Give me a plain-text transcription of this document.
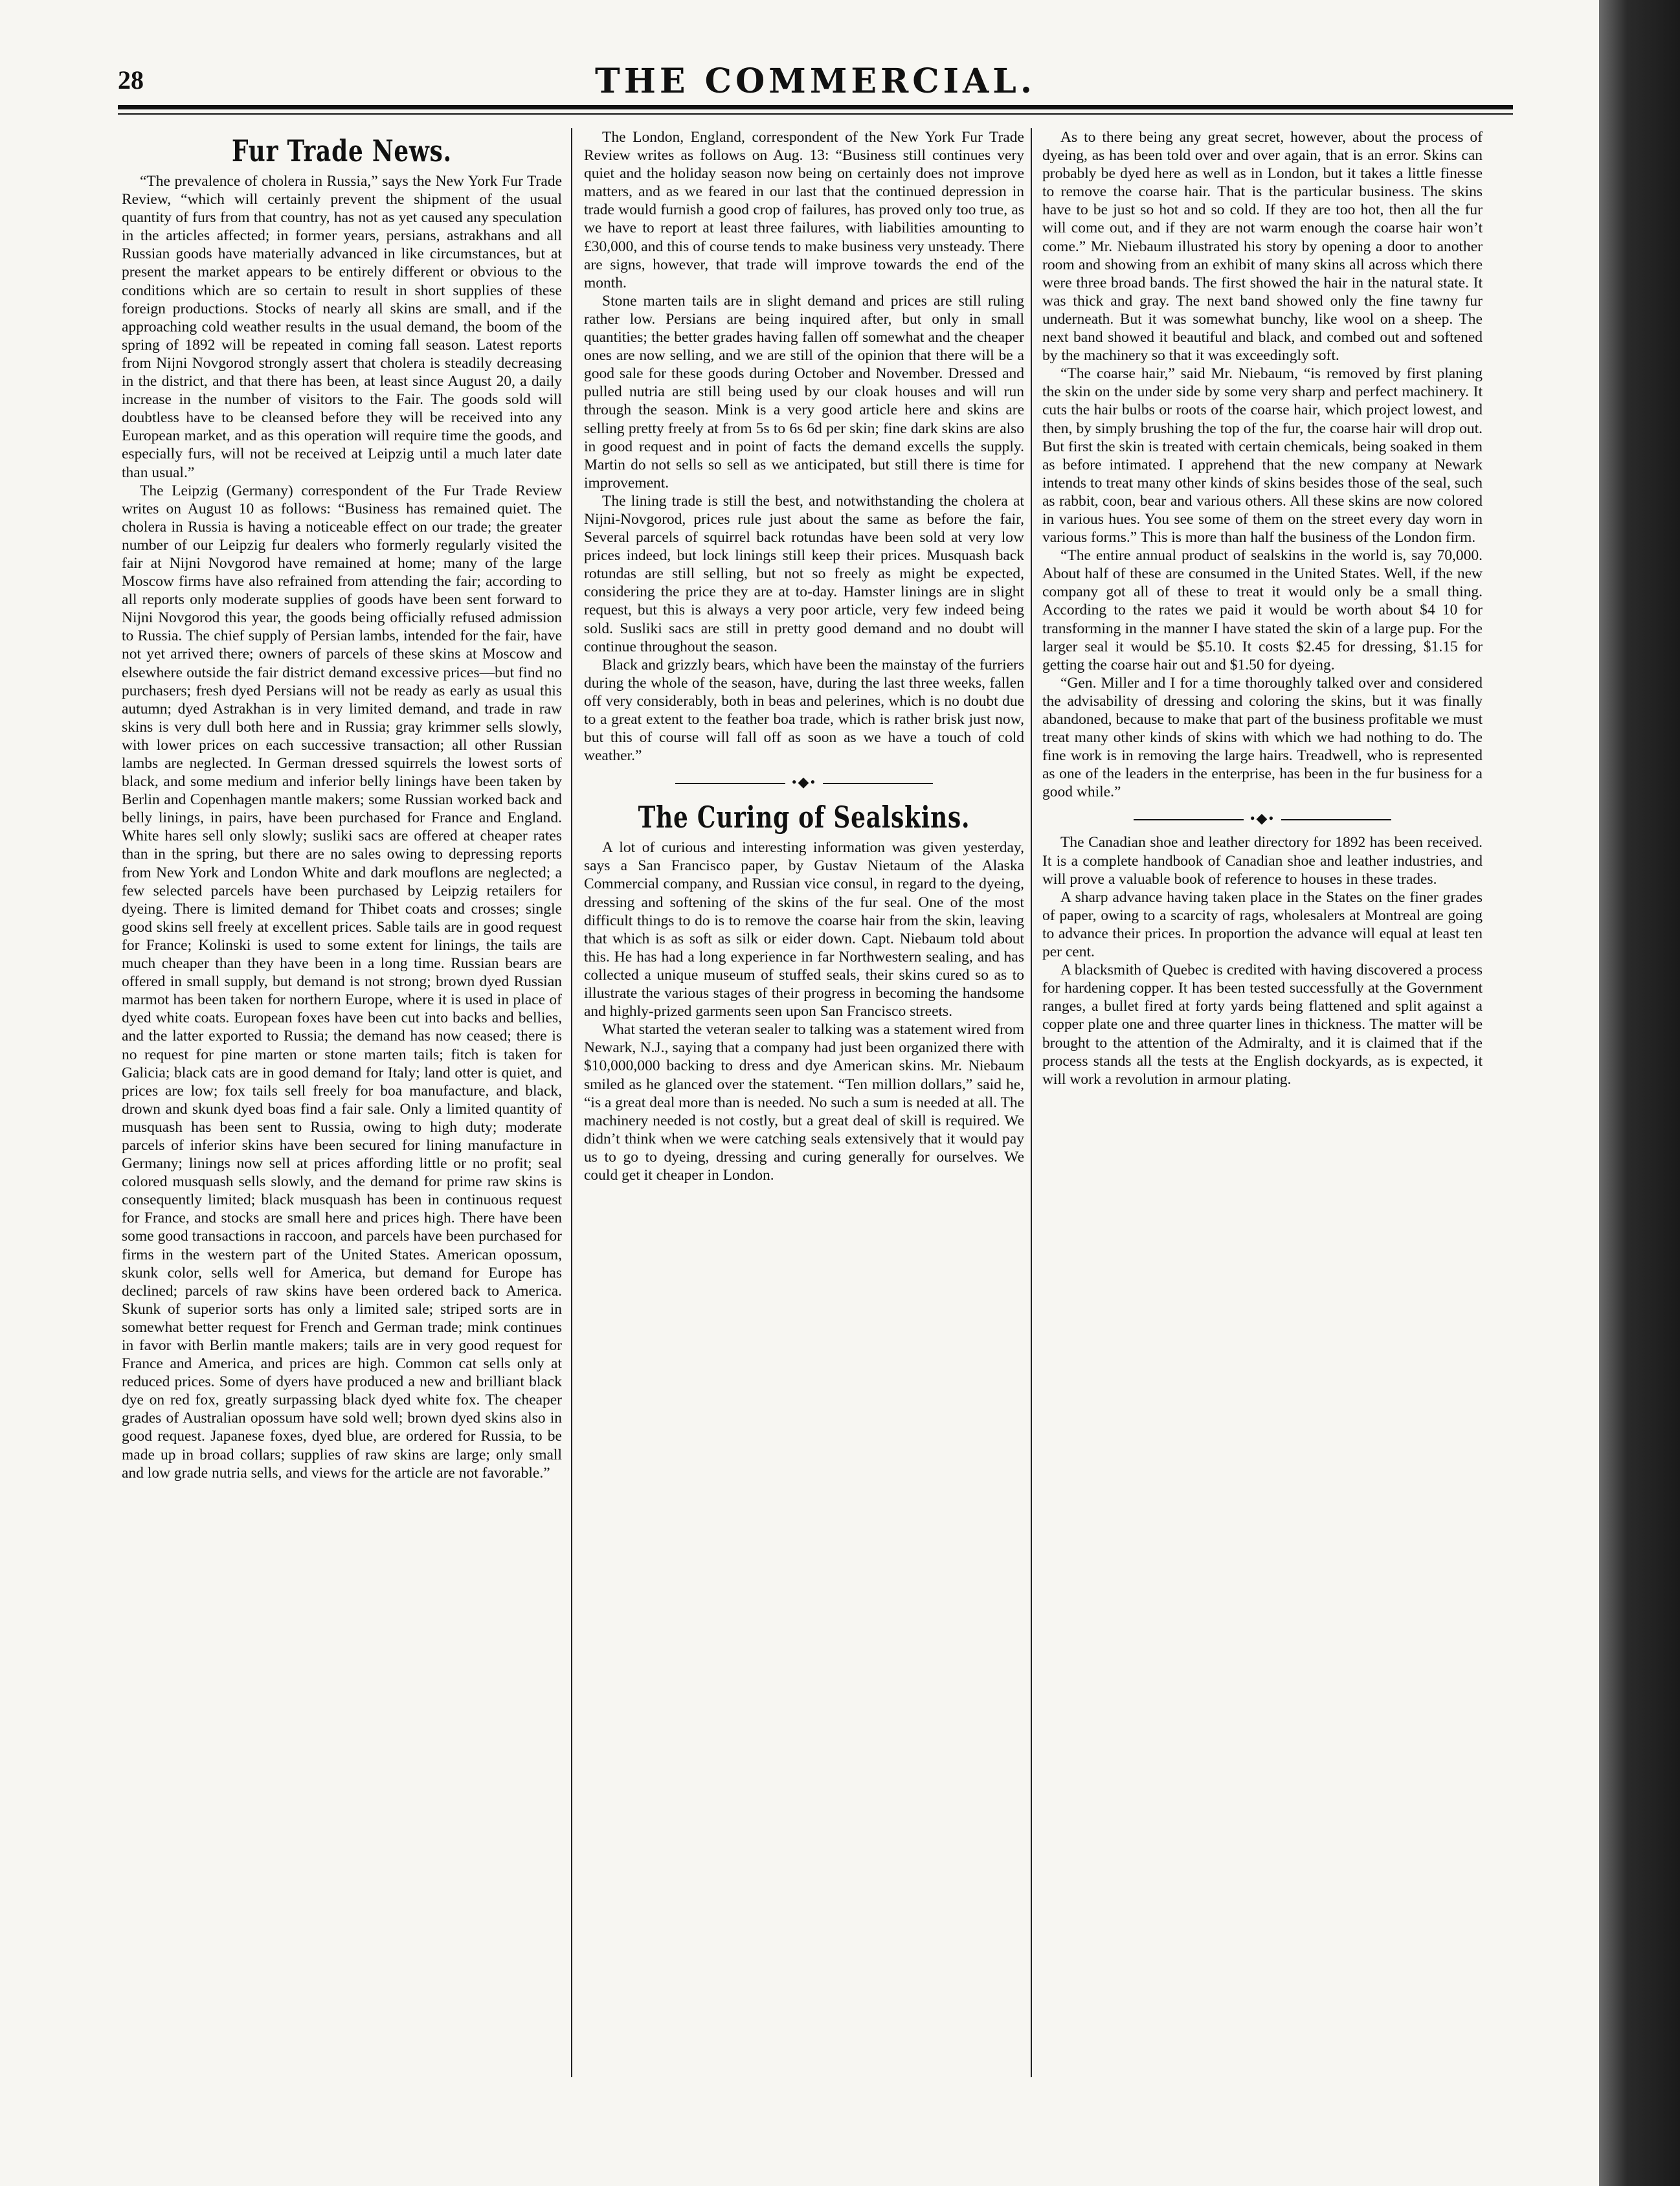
28	THE COMMERCIAL.
Fur Trade News.

“The prevalence of cholera in Russia,” says the New York Fur Trade Review, “which will certainly prevent the shipment of the usual quantity of furs from that country, has not as yet caused any speculation in the articles affected; in former years, persians, astrakhans and all Russian goods have materially advanced in like circumstances, but at present the market appears to be entirely different or obvious to the conditions which are so certain to result in short supplies of these foreign productions. Stocks of nearly all skins are small, and if the approaching cold weather results in the usual demand, the boom of the spring of 1892 will be repeated in coming fall season. Latest reports from Nijni Novgorod strongly assert that cholera is steadily decreasing in the district, and that there has been, at least since August 20, a daily increase in the number of visitors to the Fair. The goods sold will doubtless have to be cleansed before they will be received into any European market, and as this operation will require time the goods, and especially furs, will not be received at Leipzig until a much later date than usual.”

The Leipzig (Germany) correspondent of the Fur Trade Review writes on August 10 as follows: “Business has remained quiet. The cholera in Russia is having a noticeable effect on our trade; the greater number of our Leipzig fur dealers who formerly regularly visited the fair at Nijni Novgorod have remained at home; many of the large Moscow firms have also refrained from attending the fair; according to all reports only moderate supplies of goods have been sent forward to Nijni Novgorod this year, the goods being officially refused admission to Russia. The chief supply of Persian lambs, intended for the fair, have not yet arrived there; owners of parcels of these skins at Moscow and elsewhere outside the fair district demand excessive prices—but find no purchasers; fresh dyed Persians will not be ready as early as usual this autumn; dyed Astrakhan is in very limited demand, and trade in raw skins is very dull both here and in Russia; gray krimmer sells slowly, with lower prices on each successive transaction; all other Russian lambs are neglected. In German dressed squirrels the lowest sorts of black, and some medium and inferior belly linings have been taken by Berlin and Copenhagen mantle makers; some Russian worked back and belly linings, in pairs, have been purchased for France and England. White hares sell only slowly; susliki sacs are offered at cheaper rates than in the spring, but there are no sales owing to depressing reports from New York and London White and dark mouflons are neglected; a few selected parcels have been purchased by Leipzig retailers for dyeing. There is limited demand for Thibet coats and crosses; single good skins sell freely at excellent prices. Sable tails are in good request for France; Kolinski is used to some extent for linings, the tails are much cheaper than they have been in a long time. Russian bears are offered in small supply, but demand is not strong; brown dyed Russian marmot has been taken for northern Europe, where it is used in place of dyed white coats. European foxes have been cut into backs and bellies, and the latter exported to Russia; the demand has now ceased; there is no request for pine marten or stone marten tails; fitch is taken for Galicia; black cats are in good demand for Italy; land otter is quiet, and prices are low; fox tails sell freely for boa manufacture, and black, drown and skunk dyed boas find a fair sale. Only a limited quantity of musquash has been sent to Russia, owing to high duty; moderate parcels of inferior skins have been secured for lining manufacture in Germany; linings now sell at prices affording little or no profit; seal colored musquash sells slowly, and the demand for prime raw skins is consequently limited; black musquash has been in continuous request for France, and stocks are small here and prices high. There have been some good transactions in raccoon, and parcels have been purchased for firms in the western part of the United States. American opossum, skunk color, sells well for America, but demand for Europe has declined; parcels of raw skins have been ordered back to America. Skunk of superior sorts has only a limited sale; striped sorts are in somewhat better request for French and German trade; mink continues in favor with Berlin mantle makers; tails are in very good request for France and America, and prices are high. Common cat sells only at reduced prices. Some of dyers have produced a new and brilliant black dye on red fox, greatly surpassing black dyed white fox. The cheaper grades of Australian opossum have sold well; brown dyed skins also in good request. Japanese foxes, dyed blue, are ordered for Russia, to be made up in broad collars; supplies of raw skins are large; only small and low grade nutria sells, and views for the article are not favorable.”

The London, England, correspondent of the New York Fur Trade Review writes as follows on Aug. 13: “Business still continues very quiet and the holiday season now being on certainly does not improve matters, and as we feared in our last that the continued depression in trade would furnish a good crop of failures, has proved only too true, as we have to report at least three failures, with liabilities amounting to £30,000, and this of course tends to make business very unsteady. There are signs, however, that trade will improve towards the end of the month.

Stone marten tails are in slight demand and prices are still ruling rather low. Persians are being inquired after, but only in small quantities; the better grades having fallen off somewhat and the cheaper ones are now selling, and we are still of the opinion that there will be a good sale for these goods during October and November. Dressed and pulled nutria are still being used by our cloak houses and will run through the season. Mink is a very good article here and skins are selling pretty freely at from 5s to 6s 6d per skin; fine dark skins are also in good request and in point of facts the demand excells the supply. Martin do not sells so sell as we anticipated, but still there is time for improvement.

The lining trade is still the best, and notwithstanding the cholera at Nijni-Novgorod, prices rule just about the same as before the fair, Several parcels of squirrel back rotundas have been sold at very low prices indeed, but lock linings still keep their prices. Musquash back rotundas are still selling, but not so freely as might be expected, considering the price they are at to-day. Hamster linings are in slight request, but this is always a very poor article, very few indeed being sold. Susliki sacs are still in pretty good demand and no doubt will continue throughout the season.

Black and grizzly bears, which have been the mainstay of the furriers during the whole of the season, have, during the last three weeks, fallen off very considerably, both in beas and pelerines, which is no doubt due to a great extent to the feather boa trade, which is rather brisk just now, but this of course will fall off as soon as we have a touch of cold weather.”

•◆•
The Curing of Sealskins.

A lot of curious and interesting information was given yesterday, says a San Francisco paper, by Gustav Nietaum of the Alaska Commercial company, and Russian vice consul, in regard to the dyeing, dressing and softening of the skins of the fur seal. One of the most difficult things to do is to remove the coarse hair from the skin, leaving that which is as soft as silk or eider down. Capt. Niebaum told about this. He has had a long experience in far Northwestern sealing, and has collected a unique museum of stuffed seals, their skins cured so as to illustrate the various stages of their progress in becoming the handsome and highly-prized garments seen upon San Francisco streets.

What started the veteran sealer to talking was a statement wired from Newark, N.J., saying that a company had just been organized there with $10,000,000 backing to dress and dye American skins. Mr. Niebaum smiled as he glanced over the statement. “Ten million dollars,” said he, “is a great deal more than is needed. No such a sum is needed at all. The machinery needed is not costly, but a great deal of skill is required. We didn’t think when we were catching seals extensively that it would pay us to go to dyeing, dressing and curing generally for ourselves. We could get it cheaper in London.

As to there being any great secret, however, about the process of dyeing, as has been told over and over again, that is an error. Skins can probably be dyed here as well as in London, but it takes a little finesse to remove the coarse hair. That is the particular business. The skins have to be just so hot and so cold. If they are too hot, then all the fur will come out, and if they are not warm enough the coarse hair won’t come.” Mr. Niebaum illustrated his story by opening a door to another room and showing from an exhibit of many skins all across which there were three broad bands. The first showed the hair in the natural state. It was thick and gray. The next band showed only the fine tawny fur underneath. But it was somewhat bunchy, like wool on a sheep. The next band showed it beautiful and black, and combed out and softened by the machinery so that it was exceedingly soft.

“The coarse hair,” said Mr. Niebaum, “is removed by first planing the skin on the under side by some very sharp and perfect machinery. It cuts the hair bulbs or roots of the coarse hair, which project lowest, and then, by simply brushing the top of the fur, the coarse hair will drop out. But first the skin is treated with certain chemicals, being soaked in them as before intimated. I apprehend that the new company at Newark intends to treat many other kinds of skins besides those of the seal, such as rabbit, coon, bear and various others. All these skins are now colored in various hues. You see some of them on the street every day worn in various forms.” This is more than half the business of the London firm.

“The entire annual product of sealskins in the world is, say 70,000. About half of these are consumed in the United States. Well, if the new company got all of these to treat it would only be a small thing. According to the rates we paid it would be worth about $4 10 for transforming in the manner I have stated the skin of a large pup. For the larger seal it would be $5.10. It costs $2.45 for dressing, $1.15 for getting the coarse hair out and $1.50 for dyeing.

“Gen. Miller and I for a time thoroughly talked over and considered the advisability of dressing and coloring the skins, but it was finally abandoned, because to make that part of the business profitable we must treat many other kinds of skins with which we had nothing to do. The fine work is in removing the large hairs. Treadwell, who is represented as one of the leaders in the enterprise, has been in the fur business for a good while.”

•◆•

The Canadian shoe and leather directory for 1892 has been received. It is a complete handbook of Canadian shoe and leather industries, and will prove a valuable book of reference to houses in these trades.

A sharp advance having taken place in the States on the finer grades of paper, owing to a scarcity of rags, wholesalers at Montreal are going to advance their prices. In proportion the advance will equal at least ten per cent.

A blacksmith of Quebec is credited with having discovered a process for hardening copper. It has been tested successfully at the Government ranges, a bullet fired at forty yards being flattened and split against a copper plate one and three quarter lines in thickness. The matter will be brought to the attention of the Admiralty, and it is claimed that if the process stands all the tests at the English dockyards, as is expected, it will work a revolution in armour plating.
